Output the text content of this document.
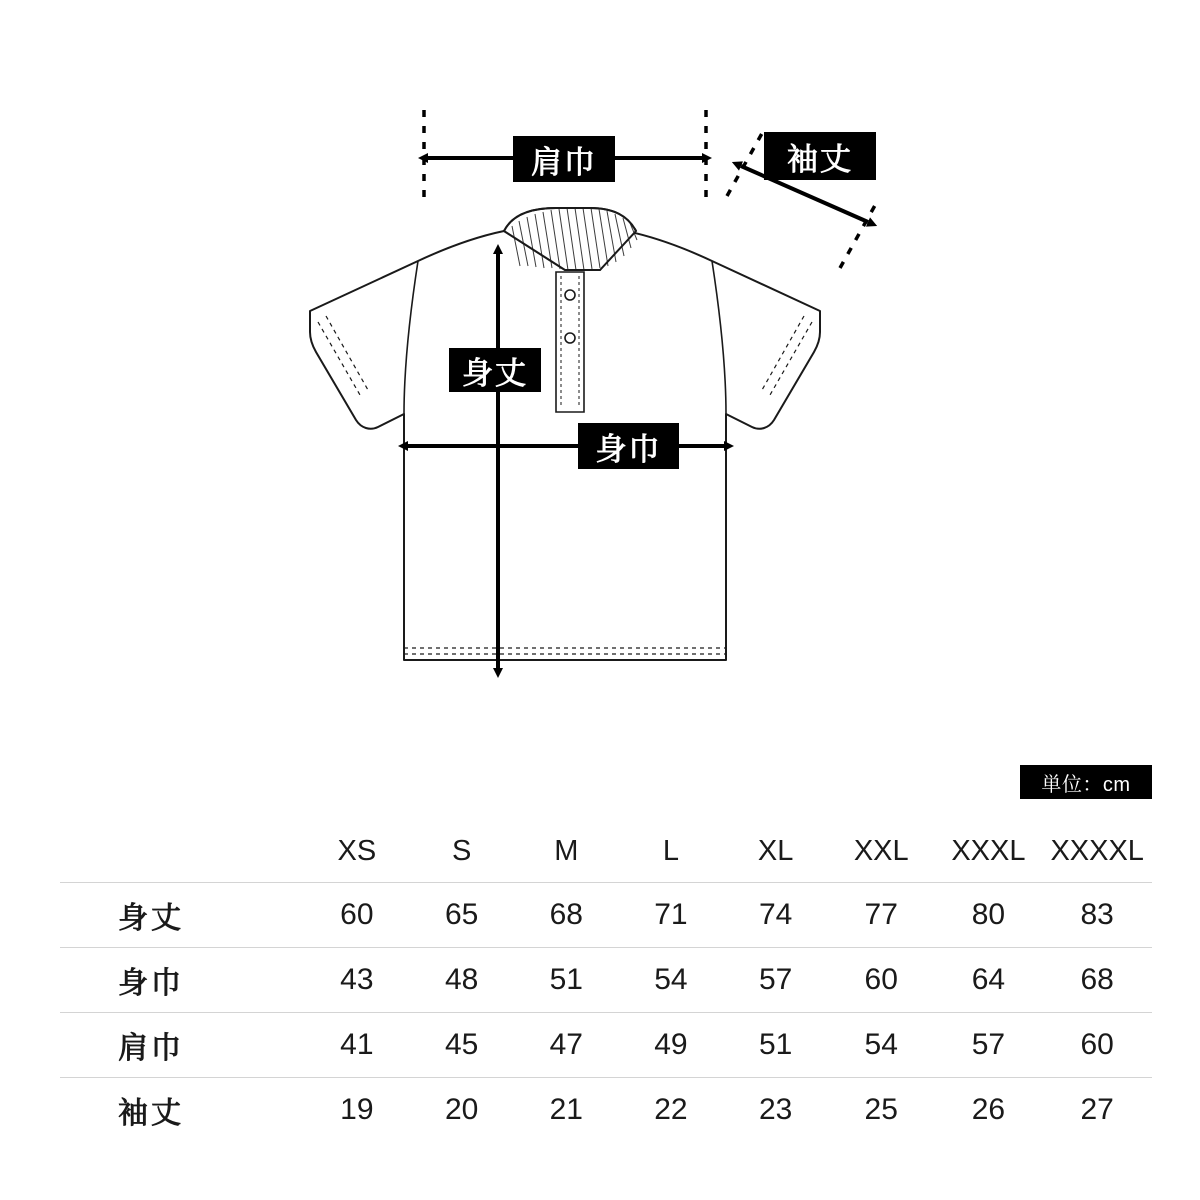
肩巾	袖丈
身丈
身巾
単位：cm
	XS	S	M	L	XL	XXL	XXXL	XXXXL
身丈	60	65	68	71	74	77	80	83
身巾	43	48	51	54	57	60	64	68
肩巾	41	45	47	49	51	54	57	60
袖丈	19	20	21	22	23	25	26	27
